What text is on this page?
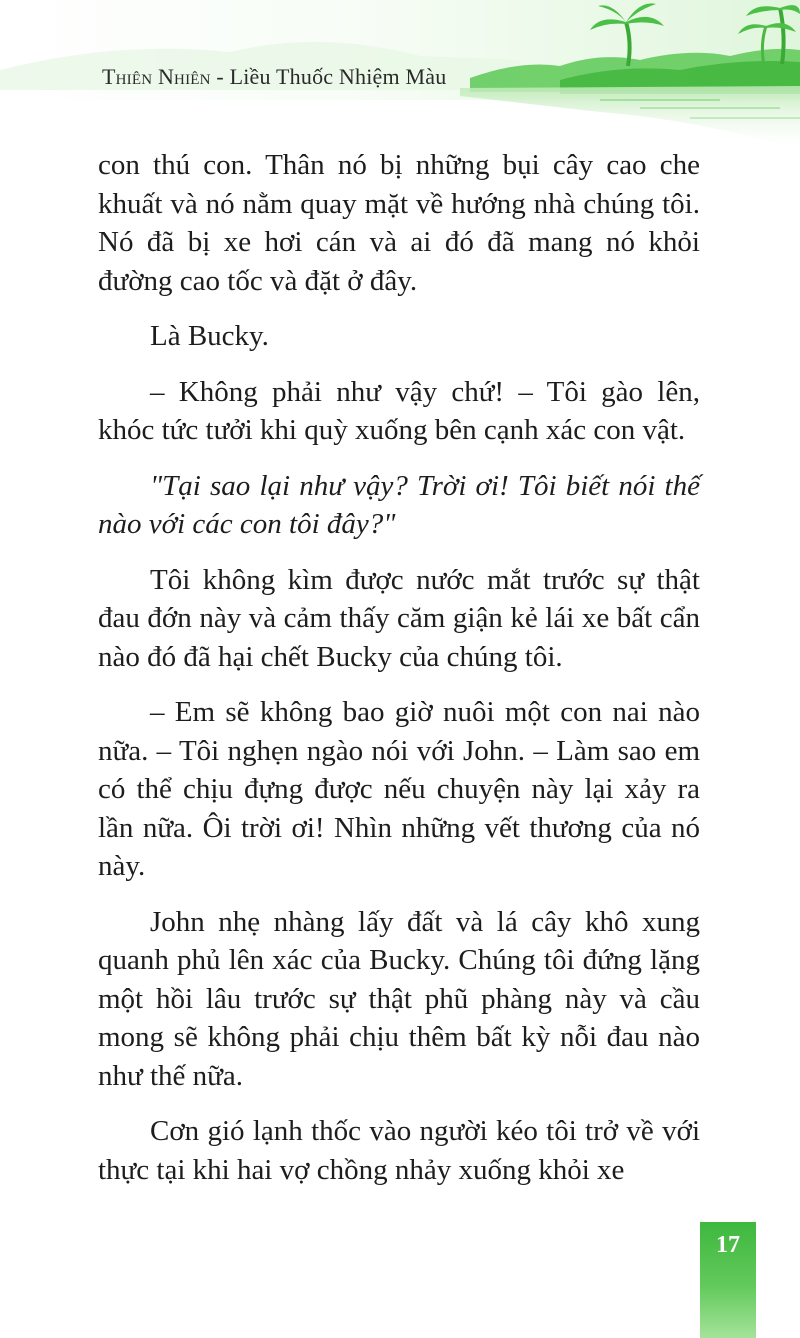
Thiên Nhiên - Liều Thuốc Nhiệm Màu

con thú con. Thân nó bị những bụi cây cao che khuất và nó nằm quay mặt về hướng nhà chúng tôi. Nó đã bị xe hơi cán và ai đó đã mang nó khỏi đường cao tốc và đặt ở đây.

Là Bucky.

– Không phải như vậy chứ! – Tôi gào lên, khóc tức tưởi khi quỳ xuống bên cạnh xác con vật.

"Tại sao lại như vậy? Trời ơi! Tôi biết nói thế nào với các con tôi đây?"

Tôi không kìm được nước mắt trước sự thật đau đớn này và cảm thấy căm giận kẻ lái xe bất cẩn nào đó đã hại chết Bucky của chúng tôi.

– Em sẽ không bao giờ nuôi một con nai nào nữa. – Tôi nghẹn ngào nói với John. – Làm sao em có thể chịu đựng được nếu chuyện này lại xảy ra lần nữa. Ôi trời ơi! Nhìn những vết thương của nó này.

John nhẹ nhàng lấy đất và lá cây khô xung quanh phủ lên xác của Bucky. Chúng tôi đứng lặng một hồi lâu trước sự thật phũ phàng này và cầu mong sẽ không phải chịu thêm bất kỳ nỗi đau nào như thế nữa.

Cơn gió lạnh thốc vào người kéo tôi trở về với thực tại khi hai vợ chồng nhảy xuống khỏi xe

17
